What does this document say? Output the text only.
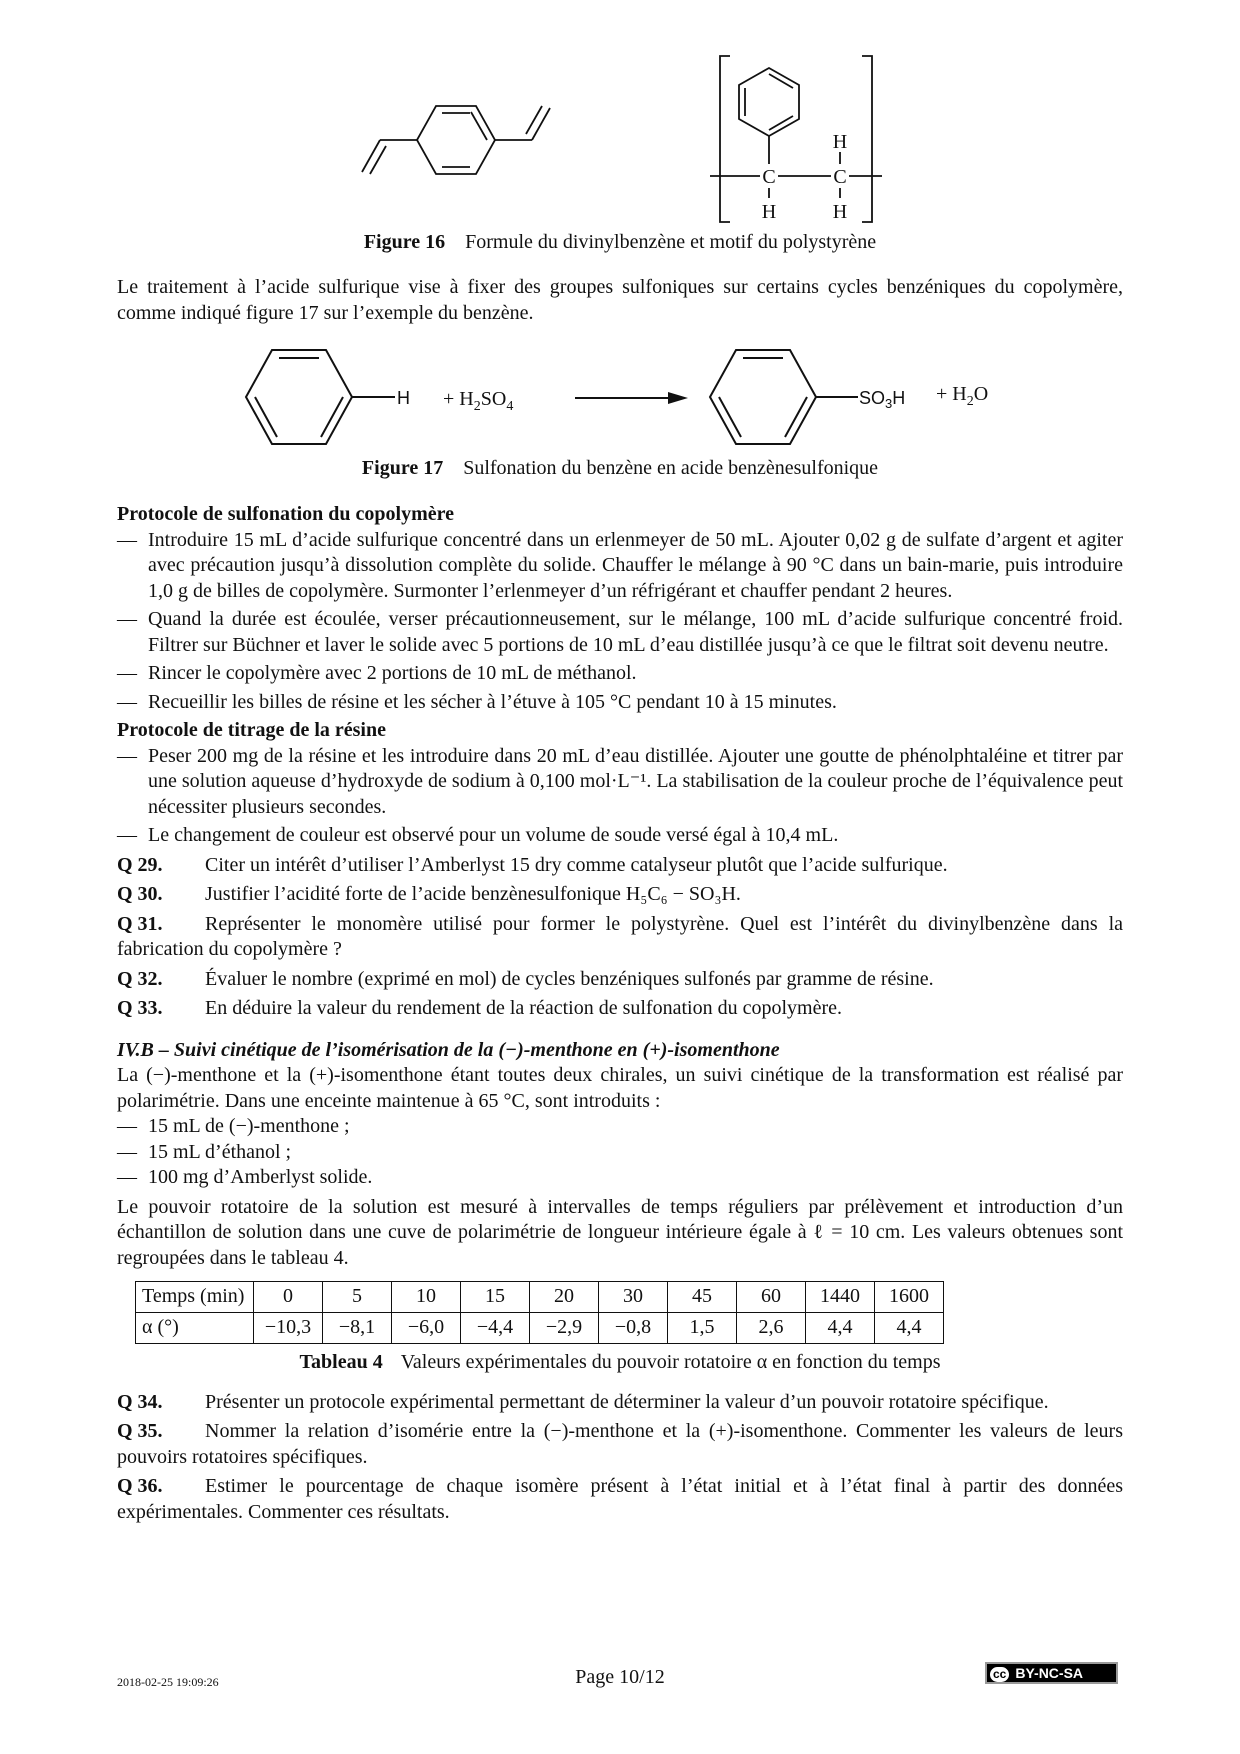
C	C
H
H	H
Figure 16 Formule du divinylbenzène et motif du polystyrène
Le traitement à l’acide sulfurique vise à fixer des groupes sulfoniques sur certains cycles benzéniques du copolymère, comme indiqué figure 17 sur l’exemple du benzène.
$H + H_2SO_4$	$SO_3H + H_2O$
Figure 17 Sulfonation du benzène en acide benzènesulfonique
Protocole de sulfonation du copolymère
— Introduire 15 mL d’acide sulfurique concentré dans un erlenmeyer de 50 mL. Ajouter 0,02 g de sulfate d’argent et agiter avec précaution jusqu’à dissolution complète du solide. Chauffer le mélange à 90 °C dans un bain-marie, puis introduire 1,0 g de billes de copolymère. Surmonter l’erlenmeyer d’un réfrigérant et chauffer pendant 2 heures.
— Quand la durée est écoulée, verser précautionneusement, sur le mélange, 100 mL d’acide sulfurique concentré froid. Filtrer sur Büchner et laver le solide avec 5 portions de 10 mL d’eau distillée jusqu’à ce que le filtrat soit devenu neutre.
— Rincer le copolymère avec 2 portions de 10 mL de méthanol.
— Recueillir les billes de résine et les sécher à l’étuve à 105 °C pendant 10 à 15 minutes.
Protocole de titrage de la résine
— Peser 200 mg de la résine et les introduire dans 20 mL d’eau distillée. Ajouter une goutte de phénolphtaléine et titrer par une solution aqueuse d’hydroxyde de sodium à 0,100 mol·L⁻¹. La stabilisation de la couleur proche de l’équivalence peut nécessiter plusieurs secondes.
— Le changement de couleur est observé pour un volume de soude versé égal à 10,4 mL.
Q 29. Citer un intérêt d’utiliser l’Amberlyst 15 dry comme catalyseur plutôt que l’acide sulfurique.
Q 30. Justifier l’acidité forte de l’acide benzènesulfonique H₅C₆ − SO₃H.
Q 31. Représenter le monomère utilisé pour former le polystyrène. Quel est l’intérêt du divinylbenzène dans la fabrication du copolymère ?
Q 32. Évaluer le nombre (exprimé en mol) de cycles benzéniques sulfonés par gramme de résine.
Q 33. En déduire la valeur du rendement de la réaction de sulfonation du copolymère.
IV.B – Suivi cinétique de l’isomérisation de la (−)-menthone en (+)-isomenthone
La (−)-menthone et la (+)-isomenthone étant toutes deux chirales, un suivi cinétique de la transformation est réalisé par polarimétrie. Dans une enceinte maintenue à 65 °C, sont introduits :
— 15 mL de (−)-menthone ;
— 15 mL d’éthanol ;
— 100 mg d’Amberlyst solide.
Le pouvoir rotatoire de la solution est mesuré à intervalles de temps réguliers par prélèvement et introduction d’un échantillon de solution dans une cuve de polarimétrie de longueur intérieure égale à ℓ = 10 cm. Les valeurs obtenues sont regroupées dans le tableau 4.
Temps (min)	0	5	10	15	20	30	45	60	1440	1600
α (°)	−10,3	−8,1	−6,0	−4,4	−2,9	−0,8	1,5	2,6	4,4	4,4
Tableau 4 Valeurs expérimentales du pouvoir rotatoire α en fonction du temps
Q 34. Présenter un protocole expérimental permettant de déterminer la valeur d’un pouvoir rotatoire spécifique.
Q 35. Nommer la relation d’isomérie entre la (−)-menthone et la (+)-isomenthone. Commenter les valeurs de leurs pouvoirs rotatoires spécifiques.
Q 36. Estimer le pourcentage de chaque isomère présent à l’état initial et à l’état final à partir des données expérimentales. Commenter ces résultats.
2018-02-25 19:09:26	Page 10/12	cc BY-NC-SA
